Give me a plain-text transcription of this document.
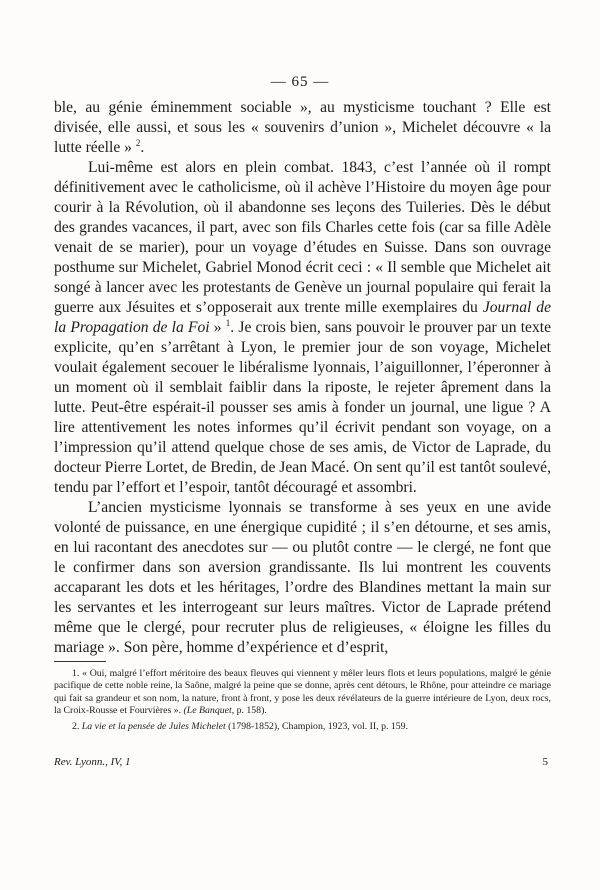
— 65 —

ble, au génie éminemment sociable », au mysticisme touchant ? Elle est divisée, elle aussi, et sous les « souvenirs d’union », Michelet découvre « la lutte réelle » $^2$.

Lui-même est alors en plein combat. 1843, c’est l’année où il rompt définitivement avec le catholicisme, où il achève l’Histoire du moyen âge pour courir à la Révolution, où il abandonne ses leçons des Tuileries. Dès le début des grandes vacances, il part, avec son fils Charles cette fois (car sa fille Adèle venait de se marier), pour un voyage d’études en Suisse. Dans son ouvrage posthume sur Michelet, Gabriel Monod écrit ceci : « Il semble que Michelet ait songé à lancer avec les protestants de Genève un journal populaire qui ferait la guerre aux Jésuites et s’opposerait aux trente mille exemplaires du Journal de la Propagation de la Foi » $^1$. Je crois bien, sans pouvoir le prouver par un texte explicite, qu’en s’arrêtant à Lyon, le premier jour de son voyage, Michelet voulait également secouer le libéralisme lyonnais, l’aiguillonner, l’éperonner à un moment où il semblait faiblir dans la riposte, le rejeter âprement dans la lutte. Peut-être espérait-il pousser ses amis à fonder un journal, une ligue ? A lire attentivement les notes informes qu’il écrivit pendant son voyage, on a l’impression qu’il attend quelque chose de ses amis, de Victor de Laprade, du docteur Pierre Lortet, de Bredin, de Jean Macé. On sent qu’il est tantôt soulevé, tendu par l’effort et l’espoir, tantôt découragé et assombri.

L’ancien mysticisme lyonnais se transforme à ses yeux en une avide volonté de puissance, en une énergique cupidité ; il s’en détourne, et ses amis, en lui racontant des anecdotes sur — ou plutôt contre — le clergé, ne font que le confirmer dans son aversion grandissante. Ils lui montrent les couvents accaparant les dots et les héritages, l’ordre des Blandines mettant la main sur les servantes et les interrogeant sur leurs maîtres. Victor de Laprade prétend même que le clergé, pour recruter plus de religieuses, « éloigne les filles du mariage ». Son père, homme d’expérience et d’esprit,

1. « Oui, malgré l’effort méritoire des beaux fleuves qui viennent y mêler leurs flots et leurs populations, malgré le génie pacifique de cette noble reine, la Saône, malgré la peine que se donne, après cent détours, le Rhône, pour atteindre ce mariage qui fait sa grandeur et son nom, la nature, front à front, y pose les deux révélateurs de la guerre intérieure de Lyon, deux rocs, la Croix-Rousse et Fourvières ». (Le Banquet, p. 158).

2. La vie et la pensée de Jules Michelet (1798-1852), Champion, 1923, vol. II, p. 159.

Rev. Lyonn., IV, 1	5
